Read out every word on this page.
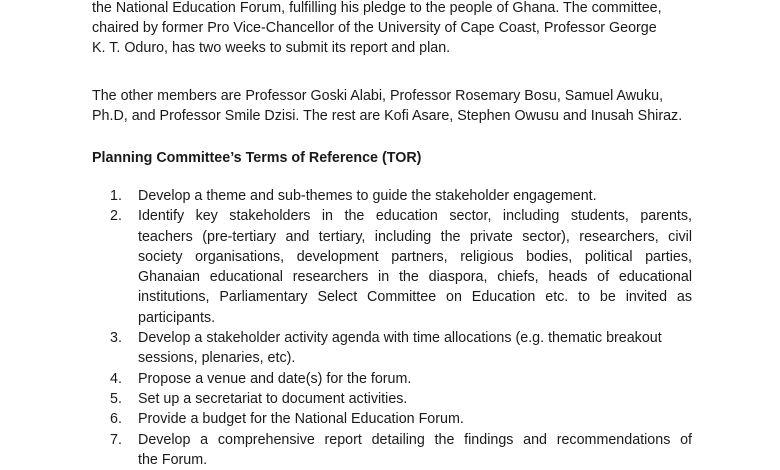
the National Education Forum, fulfilling his pledge to the people of Ghana. The committee,
chaired by former Pro Vice-Chancellor of the University of Cape Coast, Professor George
K. T. Oduro, has two weeks to submit its report and plan.

The other members are Professor Goski Alabi, Professor Rosemary Bosu, Samuel Awuku,
Ph.D, and Professor Smile Dzisi. The rest are Kofi Asare, Stephen Owusu and Inusah Shiraz.

Planning Committee’s Terms of Reference (TOR)
1. Develop a theme and sub-themes to guide the stakeholder engagement.
2. Identify key stakeholders in the education sector, including students, parents,
teachers (pre-tertiary and tertiary, including the private sector), researchers, civil
society organisations, development partners, religious bodies, political parties,
Ghanaian educational researchers in the diaspora, chiefs, heads of educational
institutions, Parliamentary Select Committee on Education etc. to be invited as
participants.
3. Develop a stakeholder activity agenda with time allocations (e.g. thematic breakout
sessions, plenaries, etc).
4. Propose a venue and date(s) for the forum.
5. Set up a secretariat to document activities.
6. Provide a budget for the National Education Forum.
7. Develop a comprehensive report detailing the findings and recommendations of
the Forum.
